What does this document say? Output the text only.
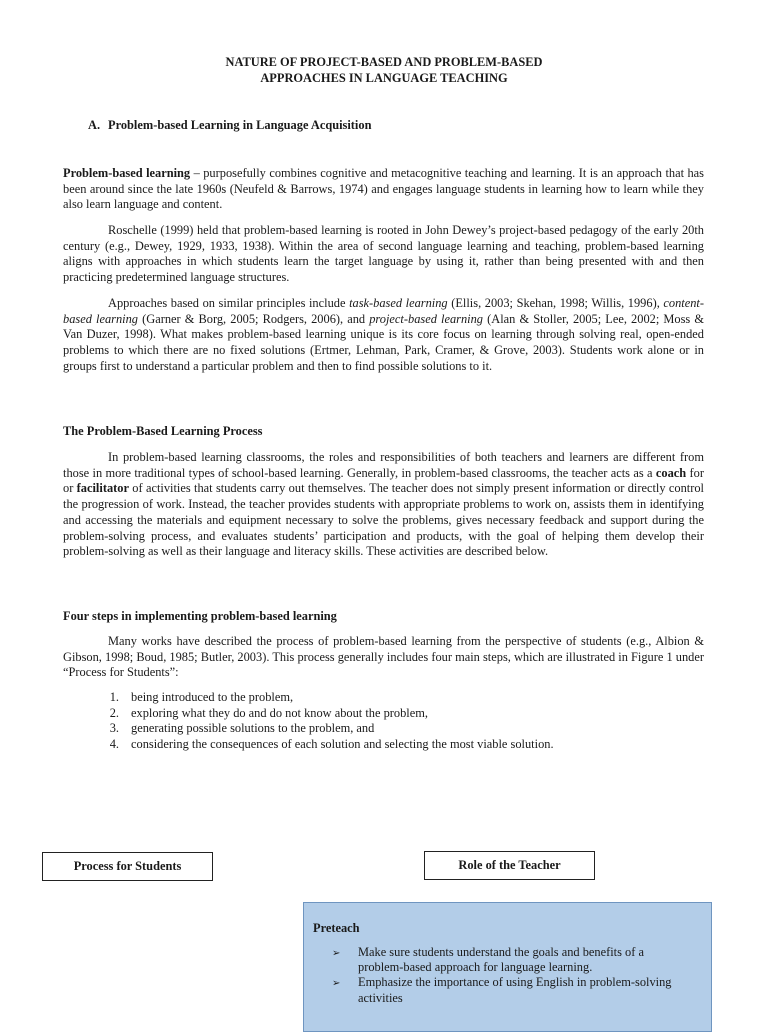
NATURE OF PROJECT-BASED AND PROBLEM-BASED
APPROACHES IN LANGUAGE TEACHING
A. Problem-based Learning in Language Acquisition

Problem-based learning – purposefully combines cognitive and metacognitive teaching and learning. It is an approach that has been around since the late 1960s (Neufeld & Barrows, 1974) and engages language students in learning how to learn while they also learn language and content.

Roschelle (1999) held that problem-based learning is rooted in John Dewey’s project-based pedagogy of the early 20th century (e.g., Dewey, 1929, 1933, 1938). Within the area of second language learning and teaching, problem-based learning aligns with approaches in which students learn the target language by using it, rather than being presented with and then practicing predetermined language structures.

Approaches based on similar principles include task-based learning (Ellis, 2003; Skehan, 1998; Willis, 1996), content-based learning (Garner & Borg, 2005; Rodgers, 2006), and project-based learning (Alan & Stoller, 2005; Lee, 2002; Moss & Van Duzer, 1998). What makes problem-based learning unique is its core focus on learning through solving real, open-ended problems to which there are no fixed solutions (Ertmer, Lehman, Park, Cramer, & Grove, 2003). Students work alone or in groups first to understand a particular problem and then to find possible solutions to it.

The Problem-Based Learning Process

In problem-based learning classrooms, the roles and responsibilities of both teachers and learners are different from those in more traditional types of school-based learning. Generally, in problem-based classrooms, the teacher acts as a coach for or facilitator of activities that students carry out themselves. The teacher does not simply present information or directly control the progression of work. Instead, the teacher provides students with appropriate problems to work on, assists them in identifying and accessing the materials and equipment necessary to solve the problems, gives necessary feedback and support during the problem-solving process, and evaluates students’ participation and products, with the goal of helping them develop their problem-solving as well as their language and literacy skills. These activities are described below.

Four steps in implementing problem-based learning

Many works have described the process of problem-based learning from the perspective of students (e.g., Albion & Gibson, 1998; Boud, 1985; Butler, 2003). This process generally includes four main steps, which are illustrated in Figure 1 under “Process for Students”:

1. being introduced to the problem,
2. exploring what they do and do not know about the problem,
3. generating possible solutions to the problem, and
4. considering the consequences of each solution and selecting the most viable solution.
Process for Students	Role of the Teacher
Preteach
➢	Make sure students understand the goals and benefits of a problem-based approach for language learning.
➢	Emphasize the importance of using English in problem-solving activities
